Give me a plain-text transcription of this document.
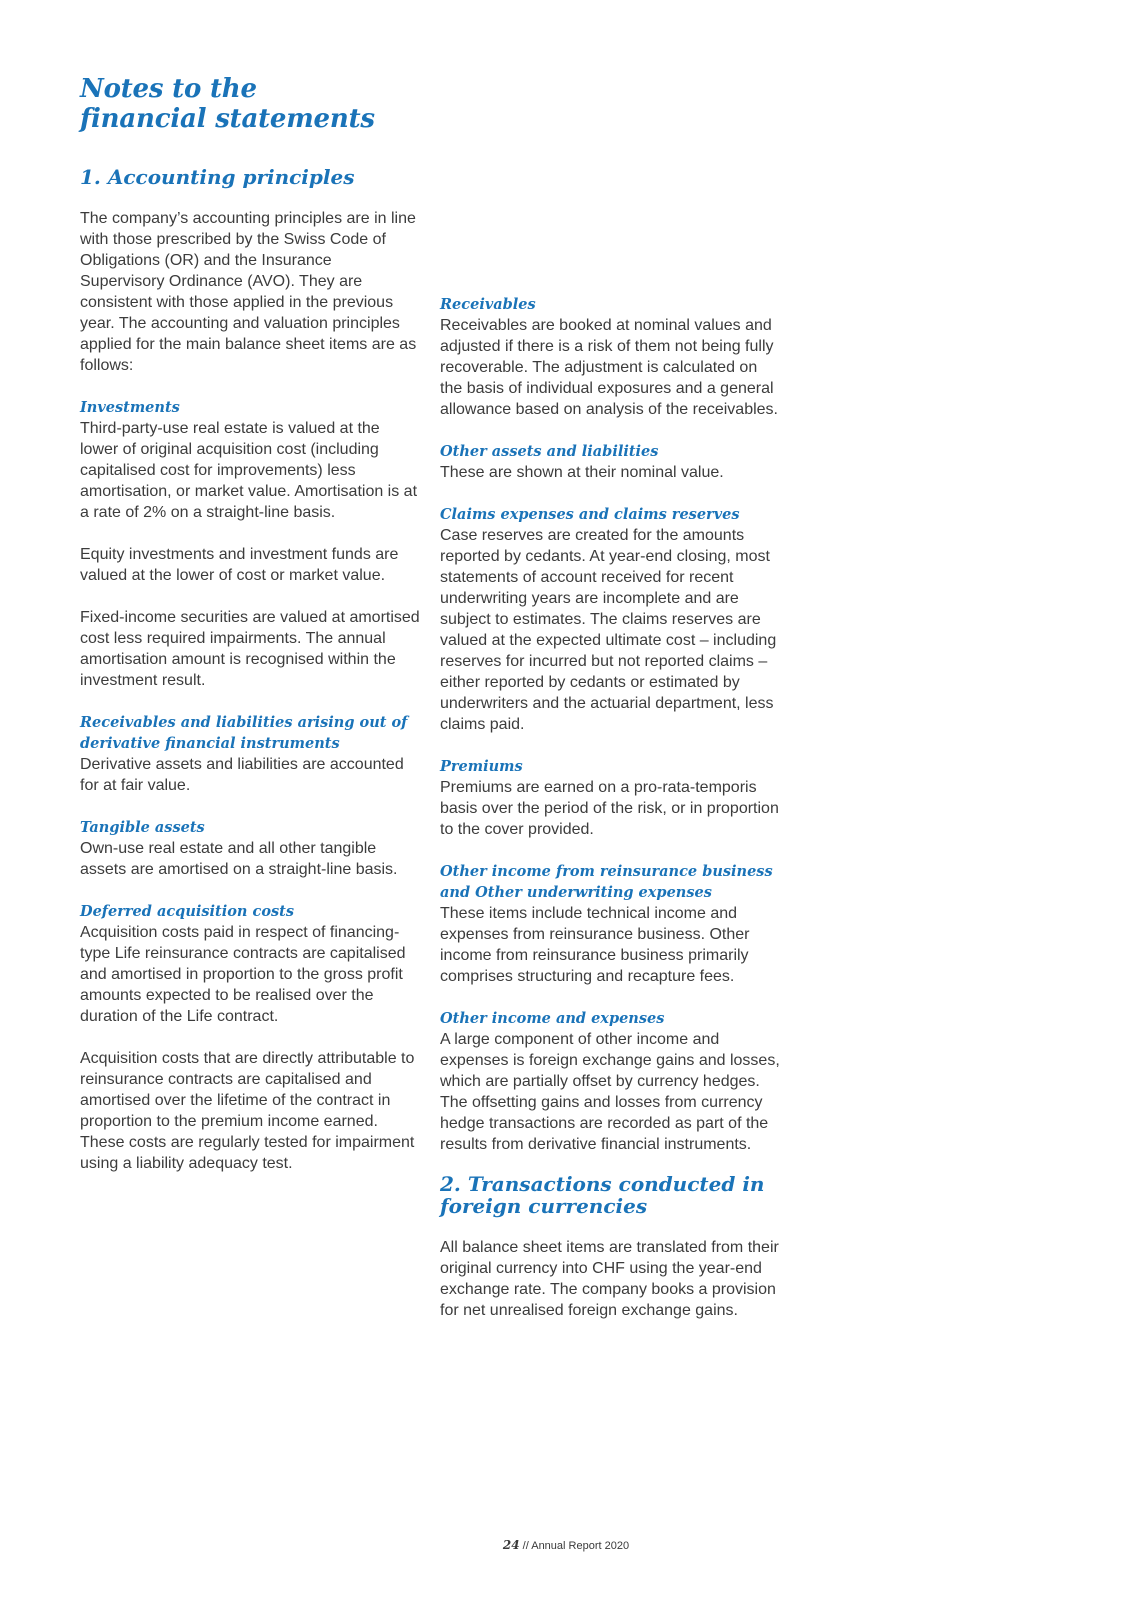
Notes to the
financial statements
1. Accounting principles

The company’s accounting principles are in line with those prescribed by the Swiss Code of Obligations (OR) and the Insurance Supervisory Ordinance (AVO). They are consistent with those applied in the previous year. The accounting and valuation principles applied for the main balance sheet items are as follows:

Investments

Third-party-use real estate is valued at the lower of original acquisition cost (including capitalised cost for improvements) less amortisation, or market value. Amortisation is at a rate of 2% on a straight-line basis.

Equity investments and investment funds are valued at the lower of cost or market value.

Fixed-income securities are valued at amortised cost less required impairments. The annual amortisation amount is recognised within the investment result.

Receivables and liabilities arising out of derivative financial instruments

Derivative assets and liabilities are accounted for at fair value.

Tangible assets

Own-use real estate and all other tangible assets are amortised on a straight-line basis.

Deferred acquisition costs

Acquisition costs paid in respect of financing-type Life reinsurance contracts are capitalised and amortised in proportion to the gross profit amounts expected to be realised over the duration of the Life contract.

Acquisition costs that are directly attributable to reinsurance contracts are capitalised and amortised over the lifetime of the contract in proportion to the premium income earned. These costs are regularly tested for impairment using a liability adequacy test.

Receivables

Receivables are booked at nominal values and adjusted if there is a risk of them not being fully recoverable. The adjustment is calculated on the basis of individual exposures and a general allowance based on analysis of the receivables.

Other assets and liabilities

These are shown at their nominal value.

Claims expenses and claims reserves

Case reserves are created for the amounts reported by cedants. At year-end closing, most statements of account received for recent underwriting years are incomplete and are subject to estimates. The claims reserves are valued at the expected ultimate cost – including reserves for incurred but not reported claims – either reported by cedants or estimated by underwriters and the actuarial department, less claims paid.

Premiums

Premiums are earned on a pro-rata-temporis basis over the period of the risk, or in proportion to the cover provided.

Other income from reinsurance business and Other underwriting expenses

These items include technical income and expenses from reinsurance business. Other income from reinsurance business primarily comprises structuring and recapture fees.

Other income and expenses

A large component of other income and expenses is foreign exchange gains and losses, which are partially offset by currency hedges. The offsetting gains and losses from currency hedge transactions are recorded as part of the results from derivative financial instruments.

2. Transactions conducted in foreign currencies

All balance sheet items are translated from their original currency into CHF using the year-end exchange rate. The company books a provision for net unrealised foreign exchange gains.

24 // Annual Report 2020
